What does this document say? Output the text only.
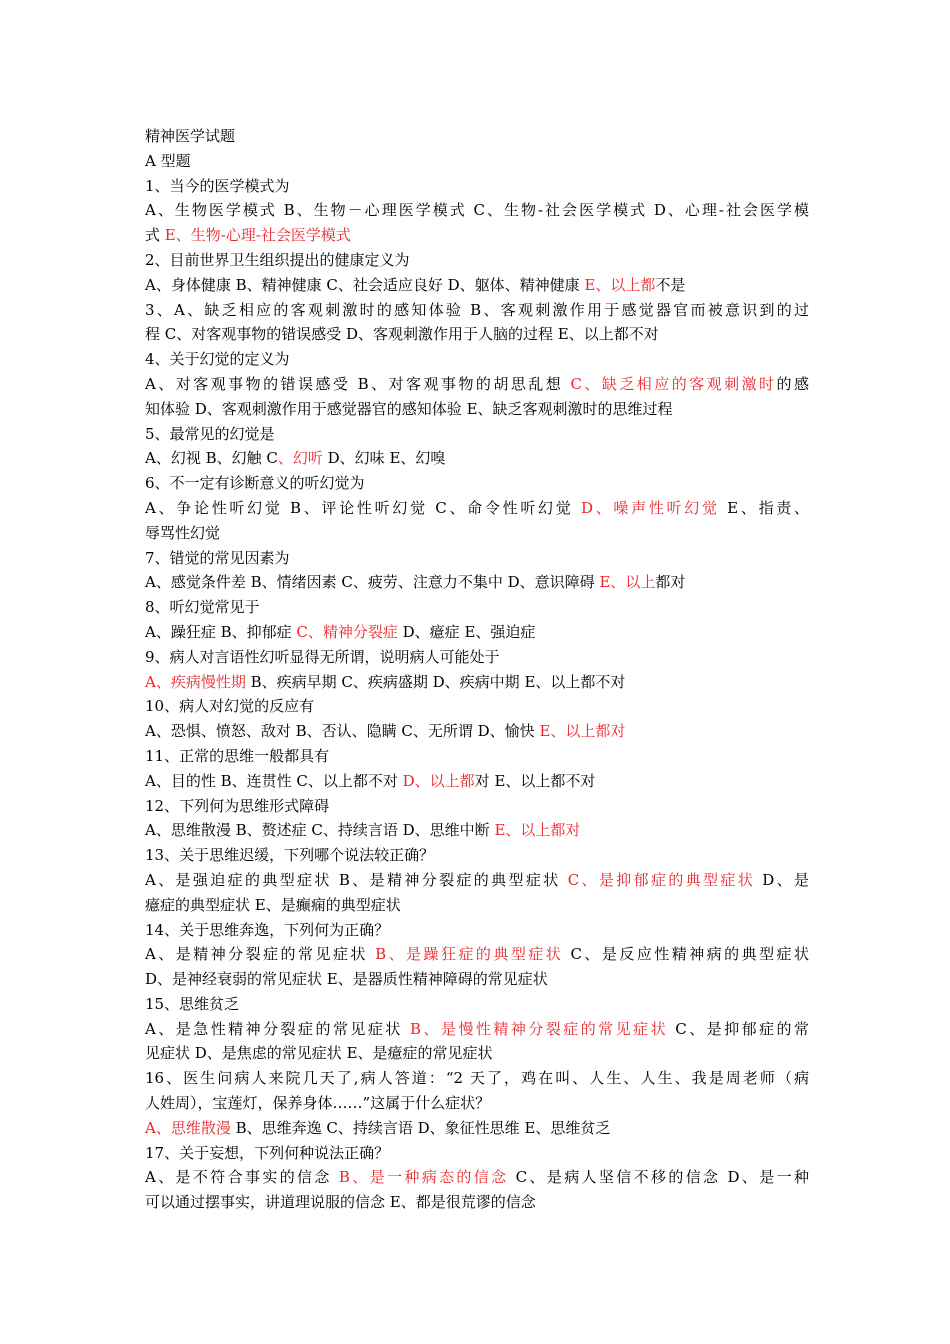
精神医学试题
A 型题
1、当今的医学模式为
A、生物医学模式 B、生物－心理医学模式 C、生物-社会医学模式 D、心理-社会医学模
式 E、生物-心理-社会医学模式
2、目前世界卫生组织提出的健康定义为
A、身体健康 B、精神健康 C、社会适应良好 D、躯体、精神健康 E、以上都不是
3、A、缺乏相应的客观刺激时的感知体验 B、客观刺激作用于感觉器官而被意识到的过
程 C、对客观事物的错误感受 D、客观刺激作用于人脑的过程 E、以上都不对
4、关于幻觉的定义为
A、对客观事物的错误感受 B、对客观事物的胡思乱想 C、缺乏相应的客观刺激时的感
知体验 D、客观刺激作用于感觉器官的感知体验 E、缺乏客观刺激时的思维过程
5、最常见的幻觉是
A、幻视 B、幻触 C、幻听 D、幻味 E、幻嗅
6、不一定有诊断意义的听幻觉为
A、争论性听幻觉 B、评论性听幻觉 C、命令性听幻觉 D、噪声性听幻觉 E、指责、
辱骂性幻觉
7、错觉的常见因素为
A、感觉条件差 B、情绪因素 C、疲劳、注意力不集中 D、意识障碍 E、以上都对
8、听幻觉常见于
A、躁狂症 B、抑郁症 C、精神分裂症 D、癔症 E、强迫症
9、病人对言语性幻听显得无所谓，说明病人可能处于
A、疾病慢性期 B、疾病早期 C、疾病盛期 D、疾病中期 E、以上都不对
10、病人对幻觉的反应有
A、恐惧、愤怒、敌对 B、否认、隐瞒 C、无所谓 D、愉快 E、以上都对
11、正常的思维一般都具有
A、目的性 B、连贯性 C、以上都不对 D、以上都对 E、以上都不对
12、下列何为思维形式障碍
A、思维散漫 B、赘述症 C、持续言语 D、思维中断 E、以上都对
13、关于思维迟缓，下列哪个说法较正确？
A、是强迫症的典型症状 B、是精神分裂症的典型症状 C、是抑郁症的典型症状 D、是
癔症的典型症状 E、是癫痫的典型症状
14、关于思维奔逸，下列何为正确？
A、是精神分裂症的常见症状 B、是躁狂症的典型症状 C、是反应性精神病的典型症状
D、是神经衰弱的常见症状 E、是器质性精神障碍的常见症状
15、思维贫乏
A、是急性精神分裂症的常见症状 B、是慢性精神分裂症的常见症状 C、是抑郁症的常
见症状 D、是焦虑的常见症状 E、是癔症的常见症状
16、医生问病人来院几天了,病人答道：“2 天了，鸡在叫、人生、人生、我是周老师（病
人姓周），宝莲灯，保养身体……”这属于什么症状？
A、思维散漫 B、思维奔逸 C、持续言语 D、象征性思维 E、思维贫乏
17、关于妄想，下列何种说法正确？
A、是不符合事实的信念 B、是一种病态的信念 C、是病人坚信不移的信念 D、是一种
可以通过摆事实，讲道理说服的信念 E、都是很荒谬的信念
